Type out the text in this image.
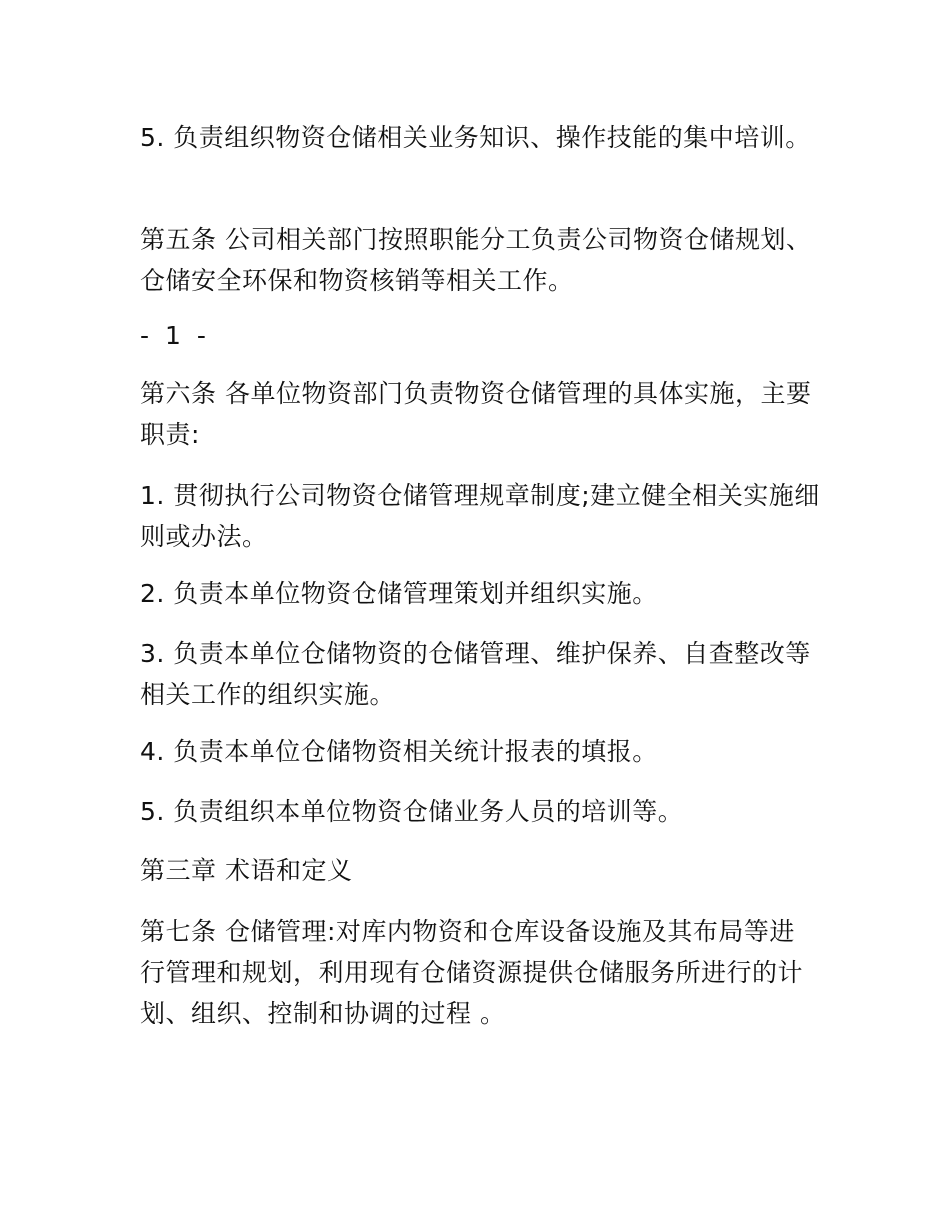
5. 负责组织物资仓储相关业务知识、操作技能的集中培训。

第五条 公司相关部门按照职能分工负责公司物资仓储规划、仓储安全环保和物资核销等相关工作。

- 1 -

第六条 各单位物资部门负责物资仓储管理的具体实施，主要职责:

1. 贯彻执行公司物资仓储管理规章制度;建立健全相关实施细则或办法。

2. 负责本单位物资仓储管理策划并组织实施。

3. 负责本单位仓储物资的仓储管理、维护保养、自查整改等相关工作的组织实施。

4. 负责本单位仓储物资相关统计报表的填报。

5. 负责组织本单位物资仓储业务人员的培训等。

第三章 术语和定义

第七条 仓储管理:对库内物资和仓库设备设施及其布局等进行管理和规划，利用现有仓储资源提供仓储服务所进行的计划、组织、控制和协调的过程 。
